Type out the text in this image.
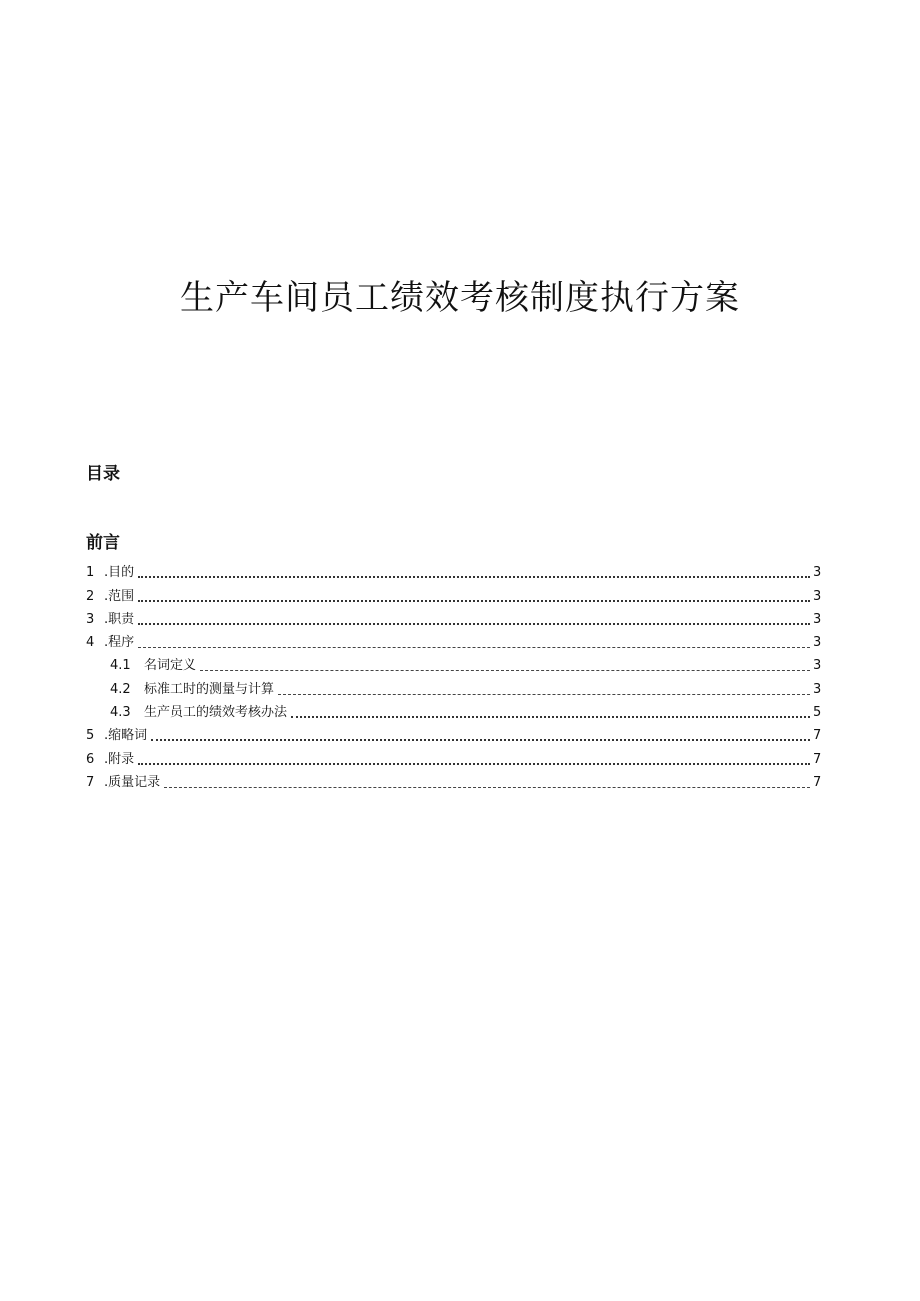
生产车间员工绩效考核制度执行方案
目录
前言
1 .目的	3
2 .范围	3
3 .职责	3
4 .程序	3
4.1	名词定义	3
4.2	标准工时的测量与计算	3
4.3	生产员工的绩效考核办法	5
5 .缩略词	7
6 .附录	7
7 .质量记录	7
